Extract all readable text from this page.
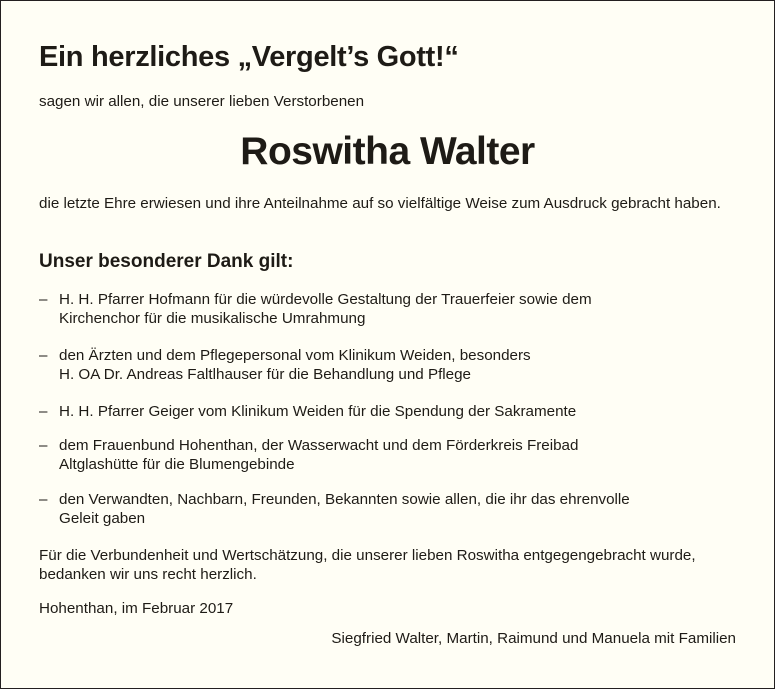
Ein herzliches „Vergelt’s Gott!“

sagen wir allen, die unserer lieben Verstorbenen

Roswitha Walter

die letzte Ehre erwiesen und ihre Anteilnahme auf so vielfältige Weise zum Ausdruck gebracht haben.

Unser besonderer Dank gilt:
– H. H. Pfarrer Hofmann für die würdevolle Gestaltung der Trauerfeier sowie dem
Kirchenchor für die musikalische Umrahmung
– den Ärzten und dem Pflegepersonal vom Klinikum Weiden, besonders
H. OA Dr. Andreas Faltlhauser für die Behandlung und Pflege
– H. H. Pfarrer Geiger vom Klinikum Weiden für die Spendung der Sakramente
– dem Frauenbund Hohenthan, der Wasserwacht und dem Förderkreis Freibad
Altglashütte für die Blumengebinde
– den Verwandten, Nachbarn, Freunden, Bekannten sowie allen, die ihr das ehrenvolle
Geleit gaben

Für die Verbundenheit und Wertschätzung, die unserer lieben Roswitha entgegengebracht wurde, bedanken wir uns recht herzlich.

Hohenthan, im Februar 2017

Siegfried Walter, Martin, Raimund und Manuela mit Familien
